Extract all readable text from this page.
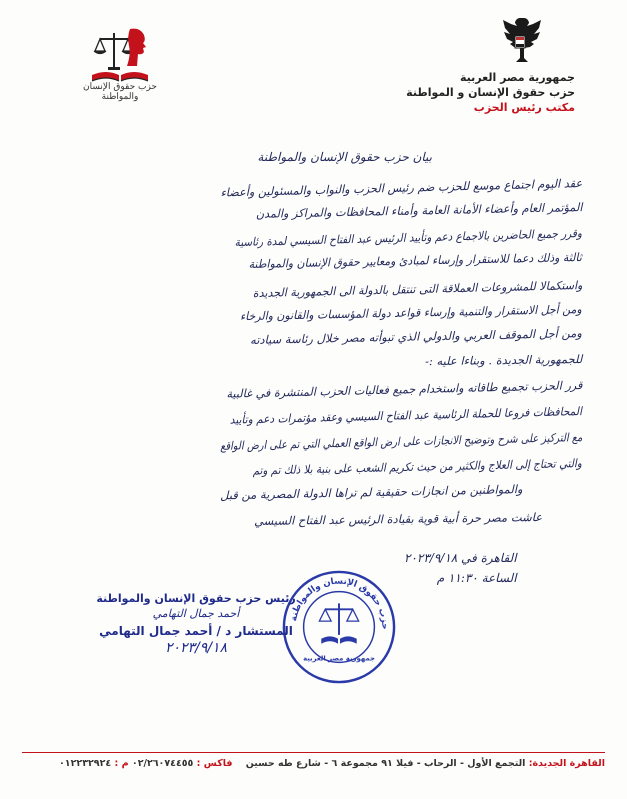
جمهورية مصر العربية
حزب حقوق الإنسان و المواطنة
مكتب رئيس الحزب
حزب حقوق الإنسان والمواطنة
بيان حزب حقوق الإنسان والمواطنة
عقد اليوم اجتماع موسع للحزب ضم رئيس الحزب والنواب والمسئولين وأعضاء
المؤتمر العام وأعضاء الأمانة العامة وأمناء المحافظات والمراكز والمدن
وقرر جميع الحاضرين بالاجماع دعم وتأييد الرئيس عبد الفتاح السيسي لمدة رئاسية
ثالثة وذلك دعما للاستقرار وإرساء لمبادئ ومعايير حقوق الإنسان والمواطنة
واستكمالا للمشروعات العملاقة التى تنتقل بالدولة الى الجمهورية الجديدة
ومن أجل الاستقرار والتنمية وإرساء قواعد دولة المؤسسات والقانون والرخاء
ومن أجل الموقف العربي والدولي الذي تبوأته مصر خلال رئاسة سيادته
للجمهورية الجديدة . وبناءا عليه :-
قرر الحزب تجميع طاقاته واستخدام جميع فعاليات الحزب المنتشرة في غالبية
المحافظات فروعا للحملة الرئاسية عبد الفتاح السيسي وعقد مؤتمرات دعم وتأييد
مع التركيز على شرح وتوضيح الانجازات على ارض الواقع العملي التي تم على ارض الواقع
والتي تحتاج إلى العلاج والكثير من حيث تكريم الشعب على بنية بلا ذلك تم وتم
والمواطنين من انجازات حقيقية لم تراها الدولة المصرية من قبل
عاشت مصر حرة أبية قوية بقيادة الرئيس عبد الفتاح السيسي
القاهرة في ٢٠٢٣/٩/١٨
الساعة ١١:٣٠ م
حزب حقوق الإنسان والمواطنة
جمهورية مصر العربية
رئيس حزب حقوق الإنسان والمواطنة
أحمد جمال التهامي
المستشار د / أحمد جمال التهامي
٢٠٢٣/٩/١٨
القاهرة الجديدة: التجمع الأول - الرحاب - فيلا ٩١ مجموعة ٦ - شارع طه حسين    فاكس : ٠٢/٢٦٠٧٤٤٥٥ م : ٠١٢٢٣٢٩٢٤
